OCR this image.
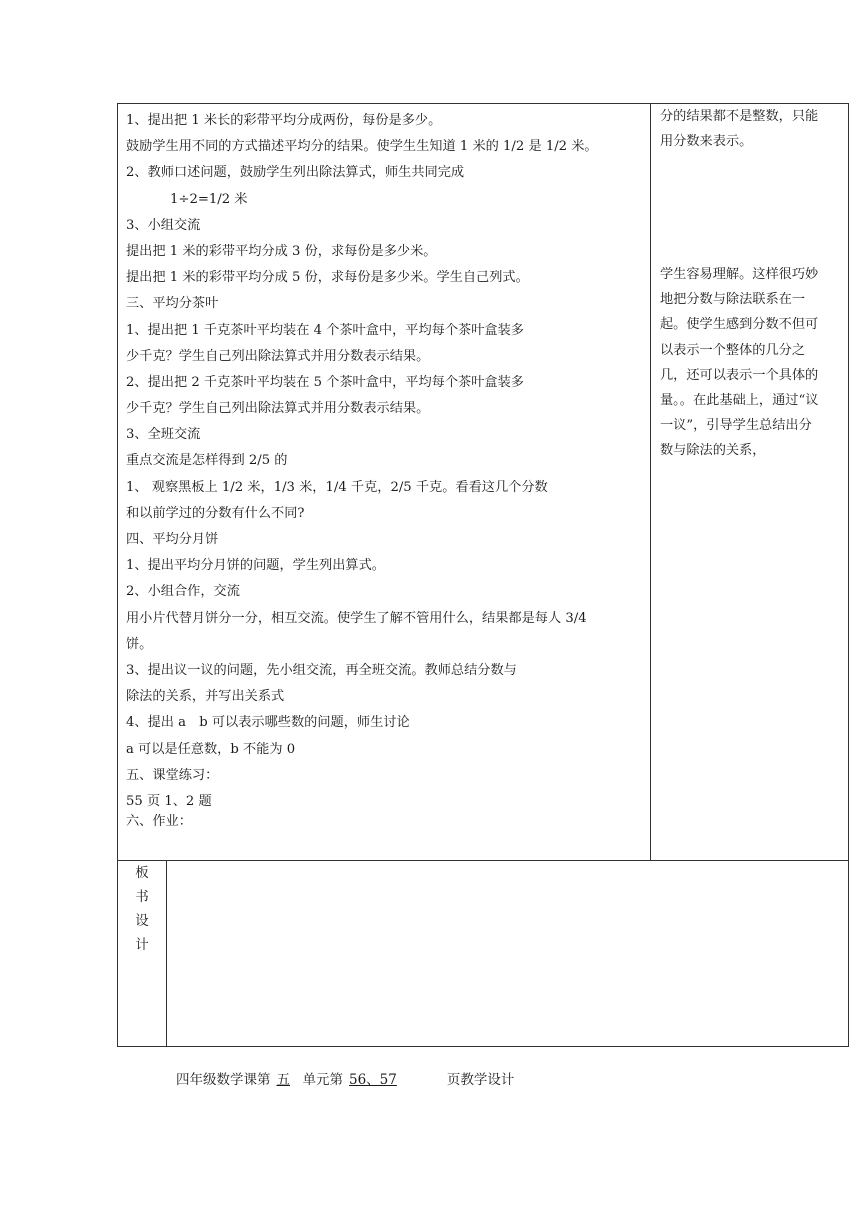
1、提出把 1 米长的彩带平均分成两份，每份是多少。
鼓励学生用不同的方式描述平均分的结果。使学生生知道 1 米的 1/2 是 1/2 米。
2、教师口述问题，鼓励学生列出除法算式，师生共同完成
1÷2=1/2 米
3、小组交流
提出把 1 米的彩带平均分成 3 份，求每份是多少米。
提出把 1 米的彩带平均分成 5 份，求每份是多少米。学生自己列式。
三、平均分茶叶
1、提出把 1 千克茶叶平均装在 4 个茶叶盒中，平均每个茶叶盒装多
少千克？学生自己列出除法算式并用分数表示结果。
2、提出把 2 千克茶叶平均装在 5 个茶叶盒中，平均每个茶叶盒装多
少千克？学生自己列出除法算式并用分数表示结果。
3、全班交流
重点交流是怎样得到 2/5 的
1、 观察黑板上 1/2 米，1/3 米，1/4 千克，2/5 千克。看看这几个分数
和以前学过的分数有什么不同?
四、平均分月饼
1、提出平均分月饼的问题，学生列出算式。
2、小组合作，交流
用小片代替月饼分一分，相互交流。使学生了解不管用什么，结果都是每人 3/4
饼。
3、提出议一议的问题，先小组交流，再全班交流。教师总结分数与
除法的关系，并写出关系式
4、提出 a　b 可以表示哪些数的问题，师生讨论
a 可以是任意数，b 不能为 0
五、课堂练习：
55 页 1、2 题
六、作业：
分的结果都不是整数，只能
用分数来表示。
学生容易理解。这样很巧妙
地把分数与除法联系在一
起。使学生感到分数不但可
以表示一个整体的几分之
几，还可以表示一个具体的
量。。在此基础上，通过“议
一议”，引导学生总结出分
数与除法的关系，
板
书
设
计
四年级数学课第 五 单元第 56、57	页教学设计
